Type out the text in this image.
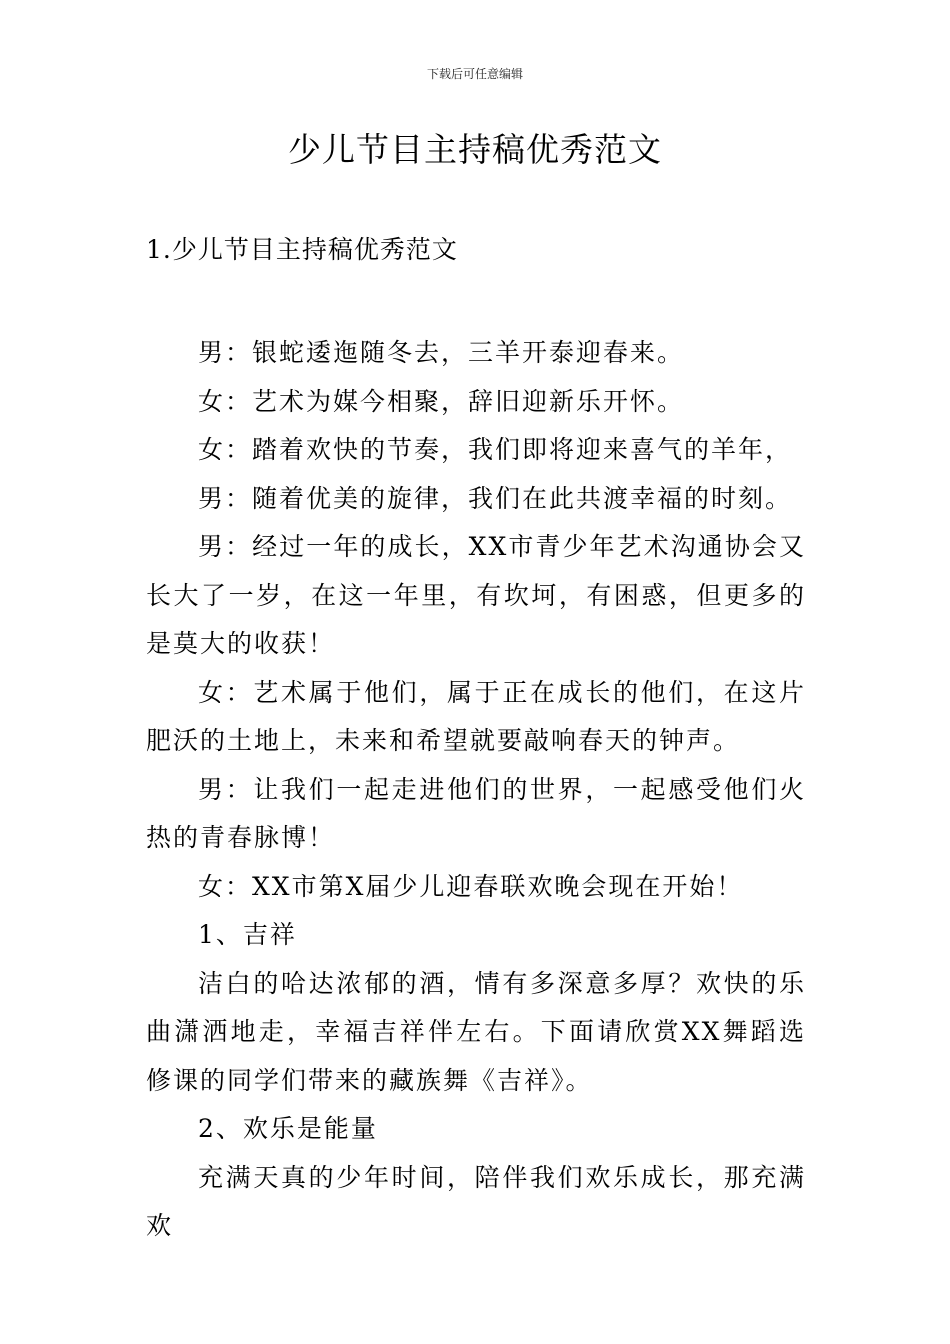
下载后可任意编辑
少儿节目主持稿优秀范文
1.少儿节目主持稿优秀范文

男：银蛇逶迤随冬去，三羊开泰迎春来。

女：艺术为媒今相聚，辞旧迎新乐开怀。

女：踏着欢快的节奏，我们即将迎来喜气的羊年，

男：随着优美的旋律，我们在此共渡幸福的时刻。

男：经过一年的成长，XX市青少年艺术沟通协会又长大了一岁，在这一年里，有坎坷，有困惑，但更多的是莫大的收获！

女：艺术属于他们，属于正在成长的他们，在这片肥沃的土地上，未来和希望就要敲响春天的钟声。

男：让我们一起走进他们的世界，一起感受他们火热的青春脉博！

女：XX市第X届少儿迎春联欢晚会现在开始！

1、吉祥

洁白的哈达浓郁的酒，情有多深意多厚？欢快的乐曲潇洒地走，幸福吉祥伴左右。下面请欣赏XX舞蹈选修课的同学们带来的藏族舞《吉祥》。

2、欢乐是能量

充满天真的少年时间，陪伴我们欢乐成长，那充满欢
